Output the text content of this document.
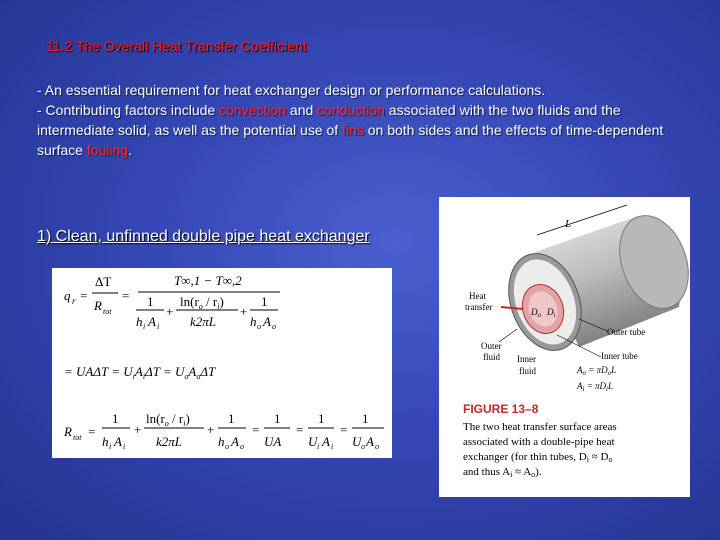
11.2 The Overall Heat Transfer Coefficient
- An essential requirement for heat exchanger design or performance calculations.
- Contributing factors include convection and conduction associated with the two fluids and the intermediate solid, as well as the potential use of fins on both sides and the effects of time-dependent surface fouling.
1) Clean, unfinned double pipe heat exchanger
q r =
ΔT
R tot
=
T∞,1 − T∞,2
1
h i A i
+
$\ln(r_o / r_i)$
k2πL
+
1
h o A o
= $UA\Delta T = U_iA_i\Delta T = U_oA_o\Delta T$
R tot =
1
h i A i
+
$\ln(r_o / r_i)$
k2πL
+
1
h o A o
=
1
UA
=
1
U i A i
=
1
U o A o
L
Heat transfer	$D_o$ $D_i$
Outer tube
Inner tube
Outer fluid Inner fluid	$A_o = \pi D_oL$
$A_i = \pi D_iL$
FIGURE 13–8
The two heat transfer surface areas
associated with a double-pipe heat
exchanger (for thin tubes, Di ≈ Do
and thus Ai ≈ Ao).
